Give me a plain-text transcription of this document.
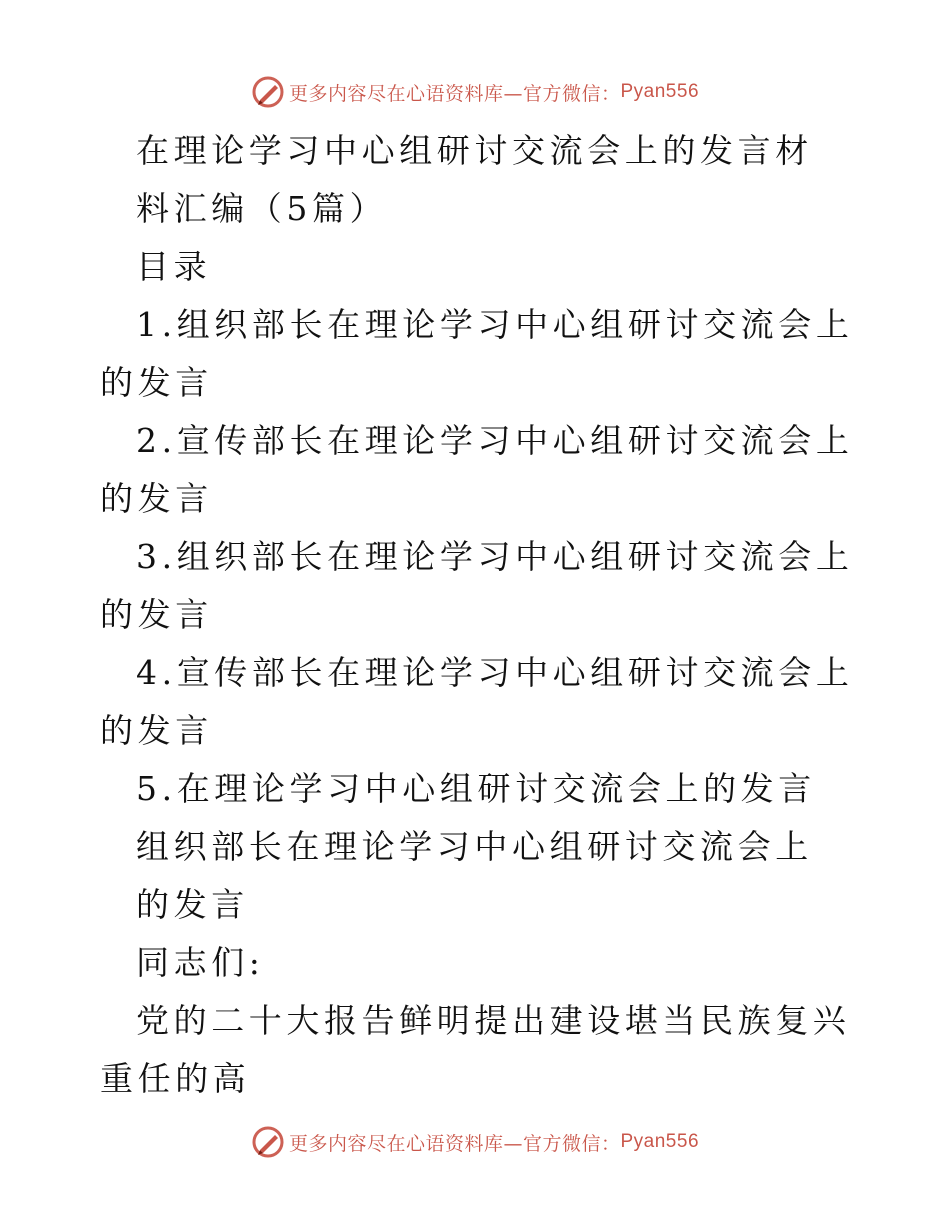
更多内容尽在心语资料库—官方微信： Pyan556

在理论学习中心组研讨交流会上的发言材

料汇编（5篇）

目录

1.组织部长在理论学习中心组研讨交流会上的发言

2.宣传部长在理论学习中心组研讨交流会上的发言

3.组织部长在理论学习中心组研讨交流会上的发言

4.宣传部长在理论学习中心组研讨交流会上的发言

5.在理论学习中心组研讨交流会上的发言

组织部长在理论学习中心组研讨交流会上

的发言

同志们:

党的二十大报告鲜明提出建设堪当民族复兴重任的高

更多内容尽在心语资料库—官方微信： Pyan556
